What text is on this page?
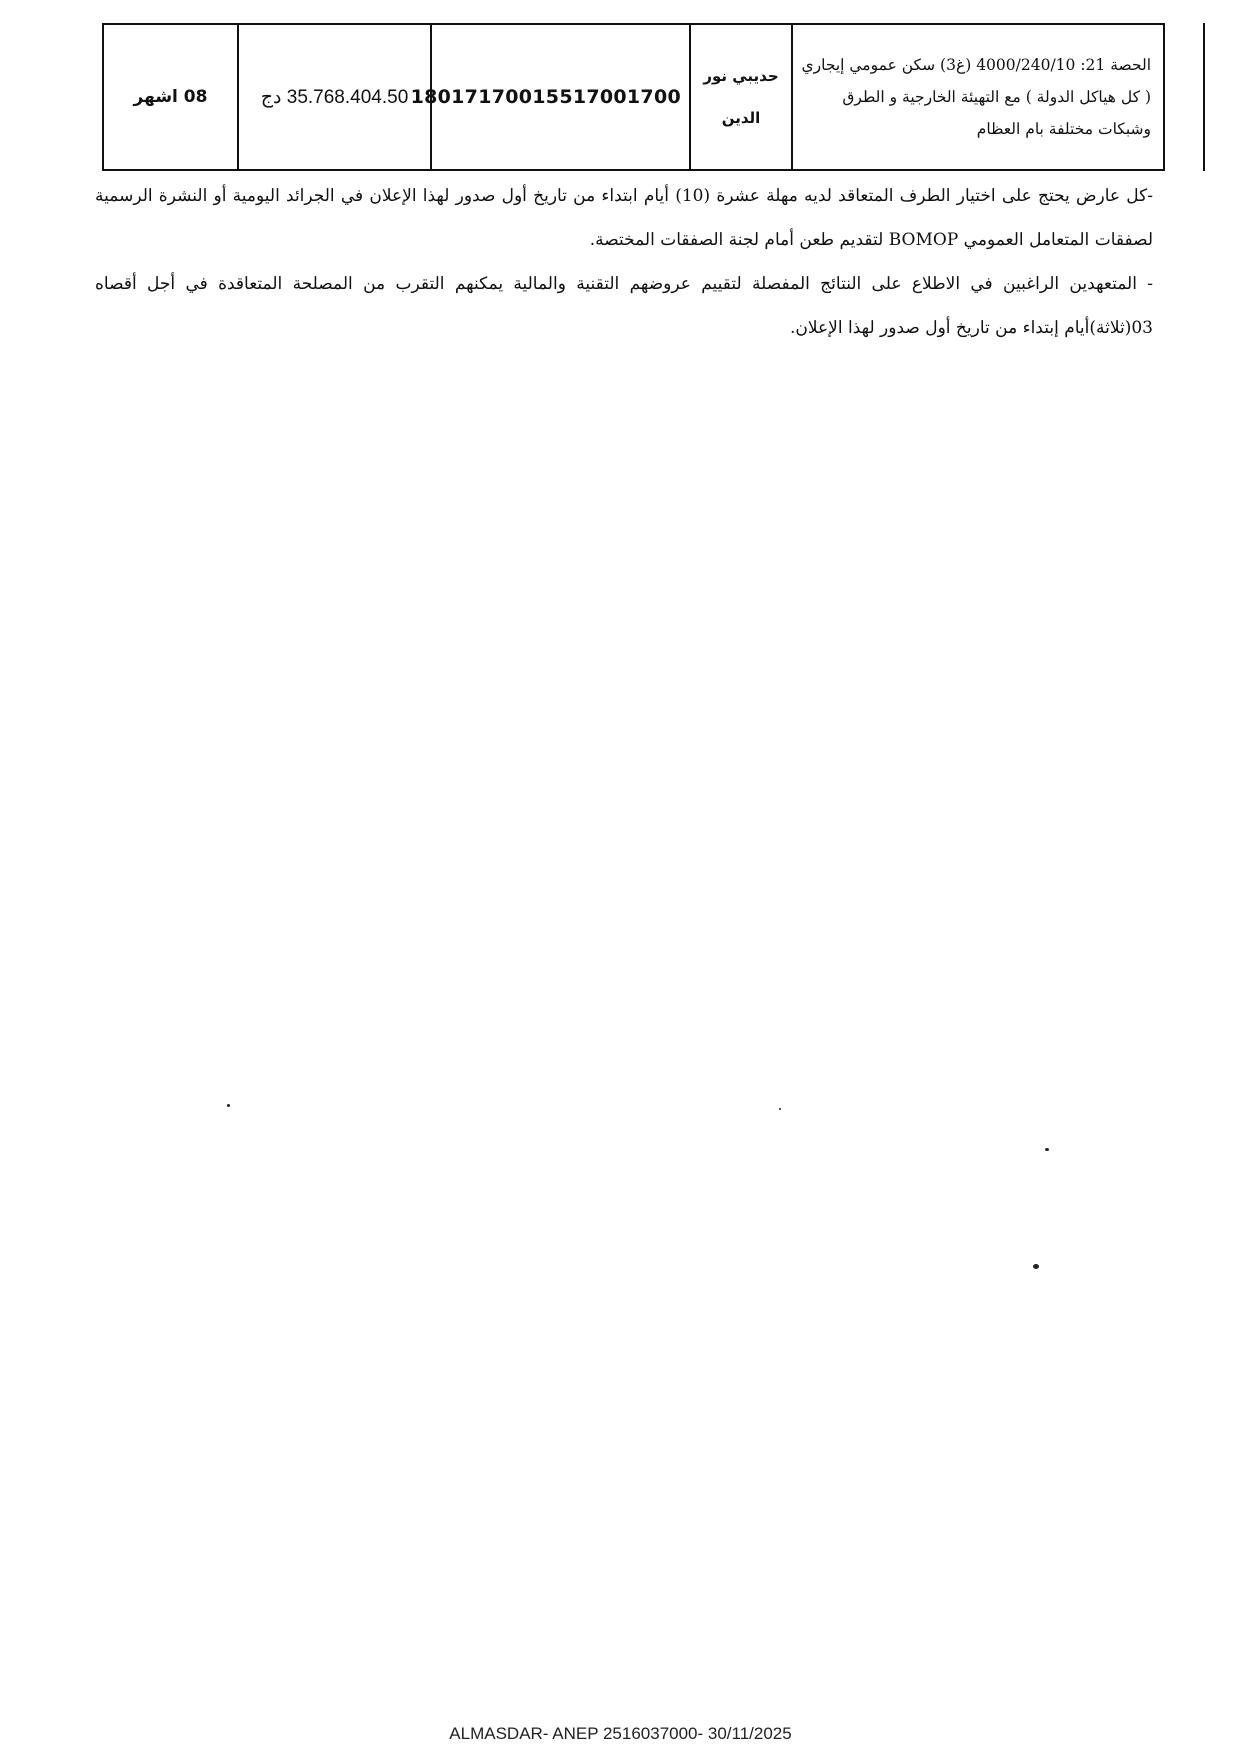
الحصة 21: 4000/240/10 (غ3) سكن عمومي إيجاري ( كل هياكل الدولة ) مع التهيئة الخارجية و الطرق وشبكات مختلفة بام العظام	حديبي نور الدين	18017170015517001700	35.768.404.50 دج	08 اشهر

-كل عارض يحتج على اختيار الطرف المتعاقد لديه مهلة عشرة (10) أيام ابتداء من تاريخ أول صدور لهذا الإعلان في الجرائد اليومية أو النشرة الرسمية لصفقات المتعامل العمومي BOMOP لتقديم طعن أمام لجنة الصفقات المختصة.

- المتعهدين الراغبين في الاطلاع على النتائج المفصلة لتقييم عروضهم التقنية والمالية يمكنهم التقرب من المصلحة المتعاقدة في أجل أقصاه 03(ثلاثة)أيام إبتداء من تاريخ أول صدور لهذا الإعلان.

ALMASDAR- ANEP 2516037000- 30/11/2025
